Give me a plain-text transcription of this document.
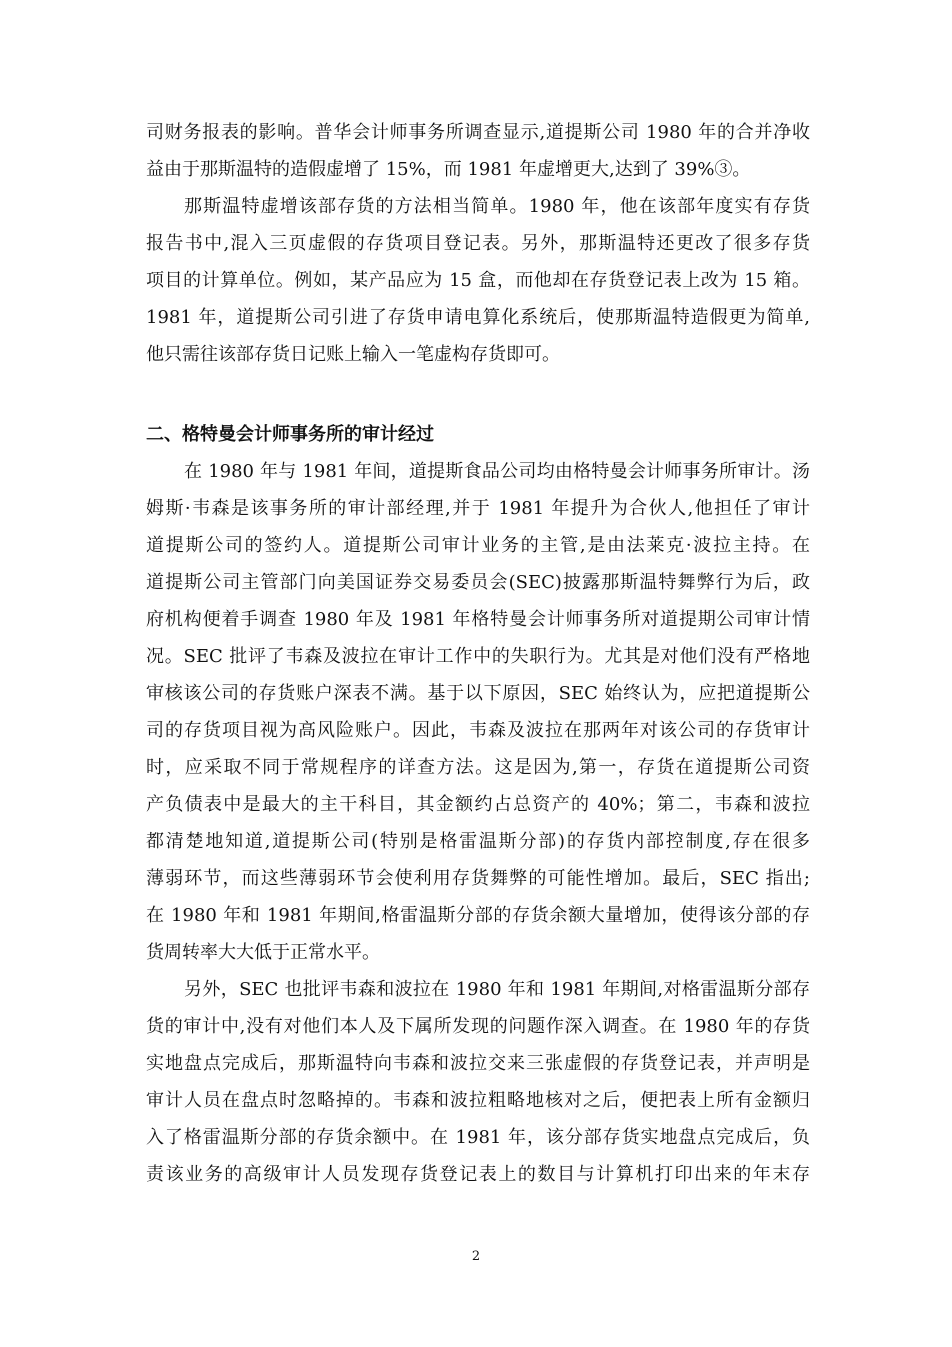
司财务报表的影响。普华会计师事务所调查显示,道提斯公司 1980 年的合并净收
益由于那斯温特的造假虚增了 15%，而 1981 年虚增更大,达到了 39%③。
那斯温特虚增该部存货的方法相当简单。1980 年，他在该部年度实有存货
报告书中,混入三页虚假的存货项目登记表。另外，那斯温特还更改了很多存货
项目的计算单位。例如，某产品应为 15 盒，而他却在存货登记表上改为 15 箱。
1981 年，道提斯公司引进了存货申请电算化系统后，使那斯温特造假更为简单,
他只需往该部存货日记账上输入一笔虚构存货即可。
二、格特曼会计师事务所的审计经过
在 1980 年与 1981 年间，道提斯食品公司均由格特曼会计师事务所审计。汤
姆斯·韦森是该事务所的审计部经理,并于 1981 年提升为合伙人,他担任了审计
道提斯公司的签约人。道提斯公司审计业务的主管,是由法莱克·波拉主持。在
道提斯公司主管部门向美国证券交易委员会(SEC)披露那斯温特舞弊行为后，政
府机构便着手调查 1980 年及 1981 年格特曼会计师事务所对道提期公司审计情
况。SEC 批评了韦森及波拉在审计工作中的失职行为。尤其是对他们没有严格地
审核该公司的存货账户深表不满。基于以下原因，SEC 始终认为，应把道提斯公
司的存货项目视为高风险账户。因此，韦森及波拉在那两年对该公司的存货审计
时，应采取不同于常规程序的详查方法。这是因为,第一，存货在道提斯公司资
产负债表中是最大的主干科目，其金额约占总资产的 40%；第二，韦森和波拉
都清楚地知道,道提斯公司(特别是格雷温斯分部)的存货内部控制度,存在很多
薄弱环节，而这些薄弱环节会使利用存货舞弊的可能性增加。最后，SEC 指出;
在 1980 年和 1981 年期间,格雷温斯分部的存货余额大量增加，使得该分部的存
货周转率大大低于正常水平。
另外，SEC 也批评韦森和波拉在 1980 年和 1981 年期间,对格雷温斯分部存
货的审计中,没有对他们本人及下属所发现的问题作深入调查。在 1980 年的存货
实地盘点完成后，那斯温特向韦森和波拉交来三张虚假的存货登记表，并声明是
审计人员在盘点时忽略掉的。韦森和波拉粗略地核对之后，便把表上所有金额归
入了格雷温斯分部的存货余额中。在 1981 年，该分部存货实地盘点完成后，负
责该业务的高级审计人员发现存货登记表上的数目与计算机打印出来的年末存
2
